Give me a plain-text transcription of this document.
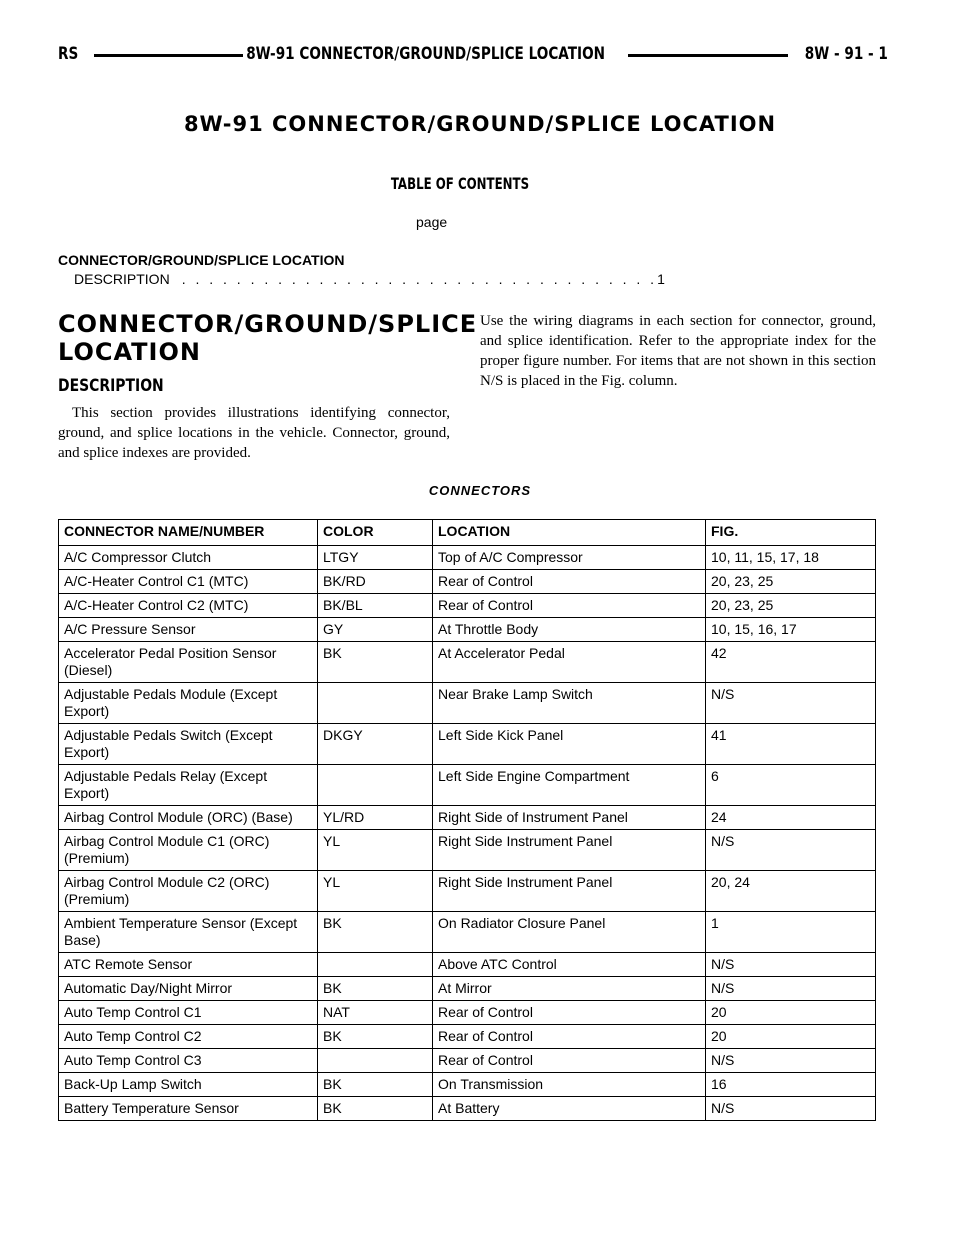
RS	8W-91 CONNECTOR/GROUND/SPLICE LOCATION	8W - 91 - 1
8W-91 CONNECTOR/GROUND/SPLICE LOCATION
TABLE OF CONTENTS
page
CONNECTOR/GROUND/SPLICE LOCATION
DESCRIPTION . . . . . . . . . . . . . . . . . . . . . . . . . . . . . . . . . . . 1
CONNECTOR/GROUND/SPLICE
LOCATION
DESCRIPTION
This section provides illustrations identifying connector, ground, and splice locations in the vehicle. Connector, ground, and splice indexes are provided.
Use the wiring diagrams in each section for connector, ground, and splice identification. Refer to the appropriate index for the proper figure number. For items that are not shown in this section N/S is placed in the Fig. column.
CONNECTORS
CONNECTOR NAME/NUMBER	COLOR	LOCATION	FIG.
A/C Compressor Clutch	LTGY	Top of A/C Compressor	10, 11, 15, 17, 18
A/C-Heater Control C1 (MTC)	BK/RD	Rear of Control	20, 23, 25
A/C-Heater Control C2 (MTC)	BK/BL	Rear of Control	20, 23, 25
A/C Pressure Sensor	GY	At Throttle Body	10, 15, 16, 17
Accelerator Pedal Position Sensor (Diesel)	BK	At Accelerator Pedal	42
Adjustable Pedals Module (Except Export)		Near Brake Lamp Switch	N/S
Adjustable Pedals Switch (Except Export)	DKGY	Left Side Kick Panel	41
Adjustable Pedals Relay (Except Export)		Left Side Engine Compartment	6
Airbag Control Module (ORC) (Base)	YL/RD	Right Side of Instrument Panel	24
Airbag Control Module C1 (ORC)(Premium)	YL	Right Side Instrument Panel	N/S
Airbag Control Module C2 (ORC)(Premium)	YL	Right Side Instrument Panel	20, 24
Ambient Temperature Sensor (Except Base)	BK	On Radiator Closure Panel	1
ATC Remote Sensor		Above ATC Control	N/S
Automatic Day/Night Mirror	BK	At Mirror	N/S
Auto Temp Control C1	NAT	Rear of Control	20
Auto Temp Control C2	BK	Rear of Control	20
Auto Temp Control C3		Rear of Control	N/S
Back-Up Lamp Switch	BK	On Transmission	16
Battery Temperature Sensor	BK	At Battery	N/S
